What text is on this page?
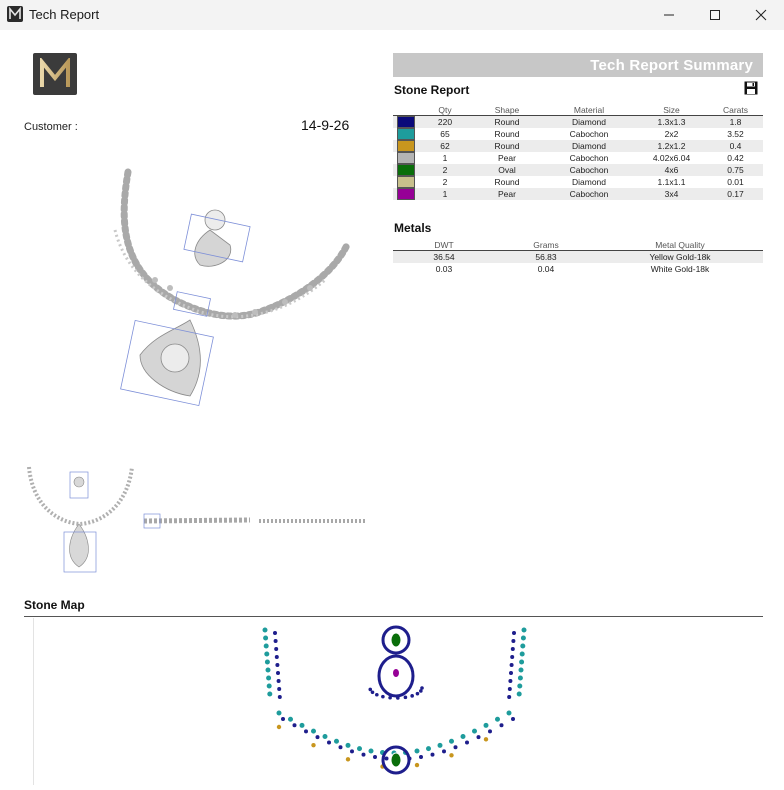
Tech Report
Customer :	14-9-26
Tech Report Summary
Stone Report
	Qty	Shape	Material	Size	Carats

	220	Round	Diamond	1.3x1.3	1.8

	65	Round	Cabochon	2x2	3.52

	62	Round	Diamond	1.2x1.2	0.4

	1	Pear	Cabochon	4.02x6.04	0.42

	2	Oval	Cabochon	4x6	0.75

	2	Round	Diamond	1.1x1.1	0.01

	1	Pear	Cabochon	3x4	0.17
Metals
DWT	Grams	Metal Quality
36.54	56.83	Yellow Gold-18k
0.03	0.04	White Gold-18k
Stone Map
